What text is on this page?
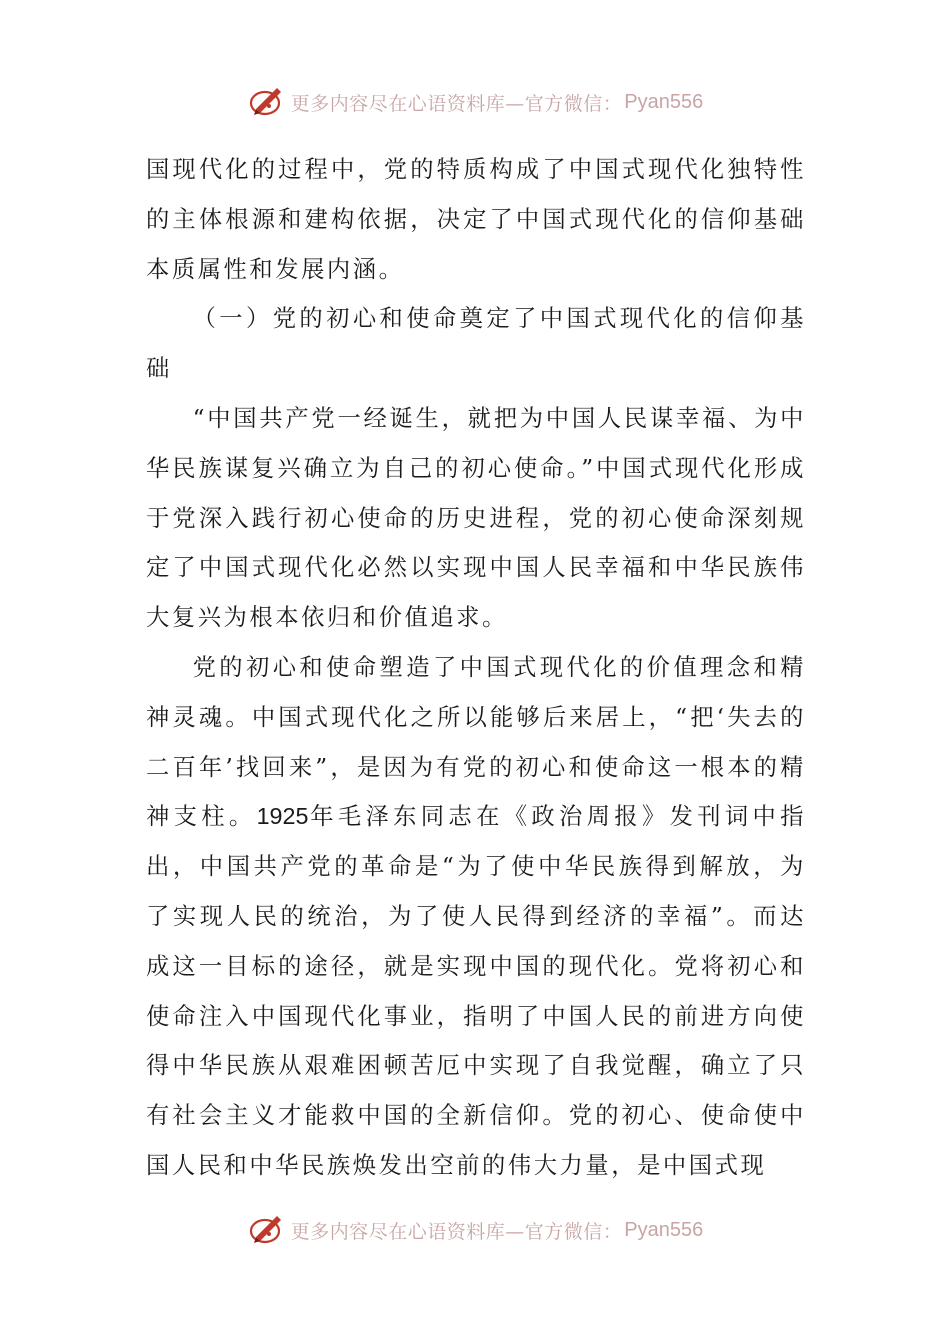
更多内容尽在心语资料库—官方微信： Pyan556

国现代化的过程中，党的特质构成了中国式现代化独特性的主体根源和建构依据，决定了中国式现代化的信仰基础本质属性和发展内涵。

（一）党的初心和使命奠定了中国式现代化的信仰基础

“中国共产党一经诞生，就把为中国人民谋幸福、为中华民族谋复兴确立为自己的初心使命。”中国式现代化形成于党深入践行初心使命的历史进程，党的初心使命深刻规定了中国式现代化必然以实现中国人民幸福和中华民族伟大复兴为根本依归和价值追求。

党的初心和使命塑造了中国式现代化的价值理念和精神灵魂。中国式现代化之所以能够后来居上，“把‘失去的二百年’找回来”，是因为有党的初心和使命这一根本的精神支柱。1925年毛泽东同志在《政治周报》发刊词中指出，中国共产党的革命是“为了使中华民族得到解放，为了实现人民的统治，为了使人民得到经济的幸福”。而达成这一目标的途径，就是实现中国的现代化。党将初心和使命注入中国现代化事业，指明了中国人民的前进方向使得中华民族从艰难困顿苦厄中实现了自我觉醒，确立了只有社会主义才能救中国的全新信仰。党的初心、使命使中国人民和中华民族焕发出空前的伟大力量，是中国式现

更多内容尽在心语资料库—官方微信： Pyan556
